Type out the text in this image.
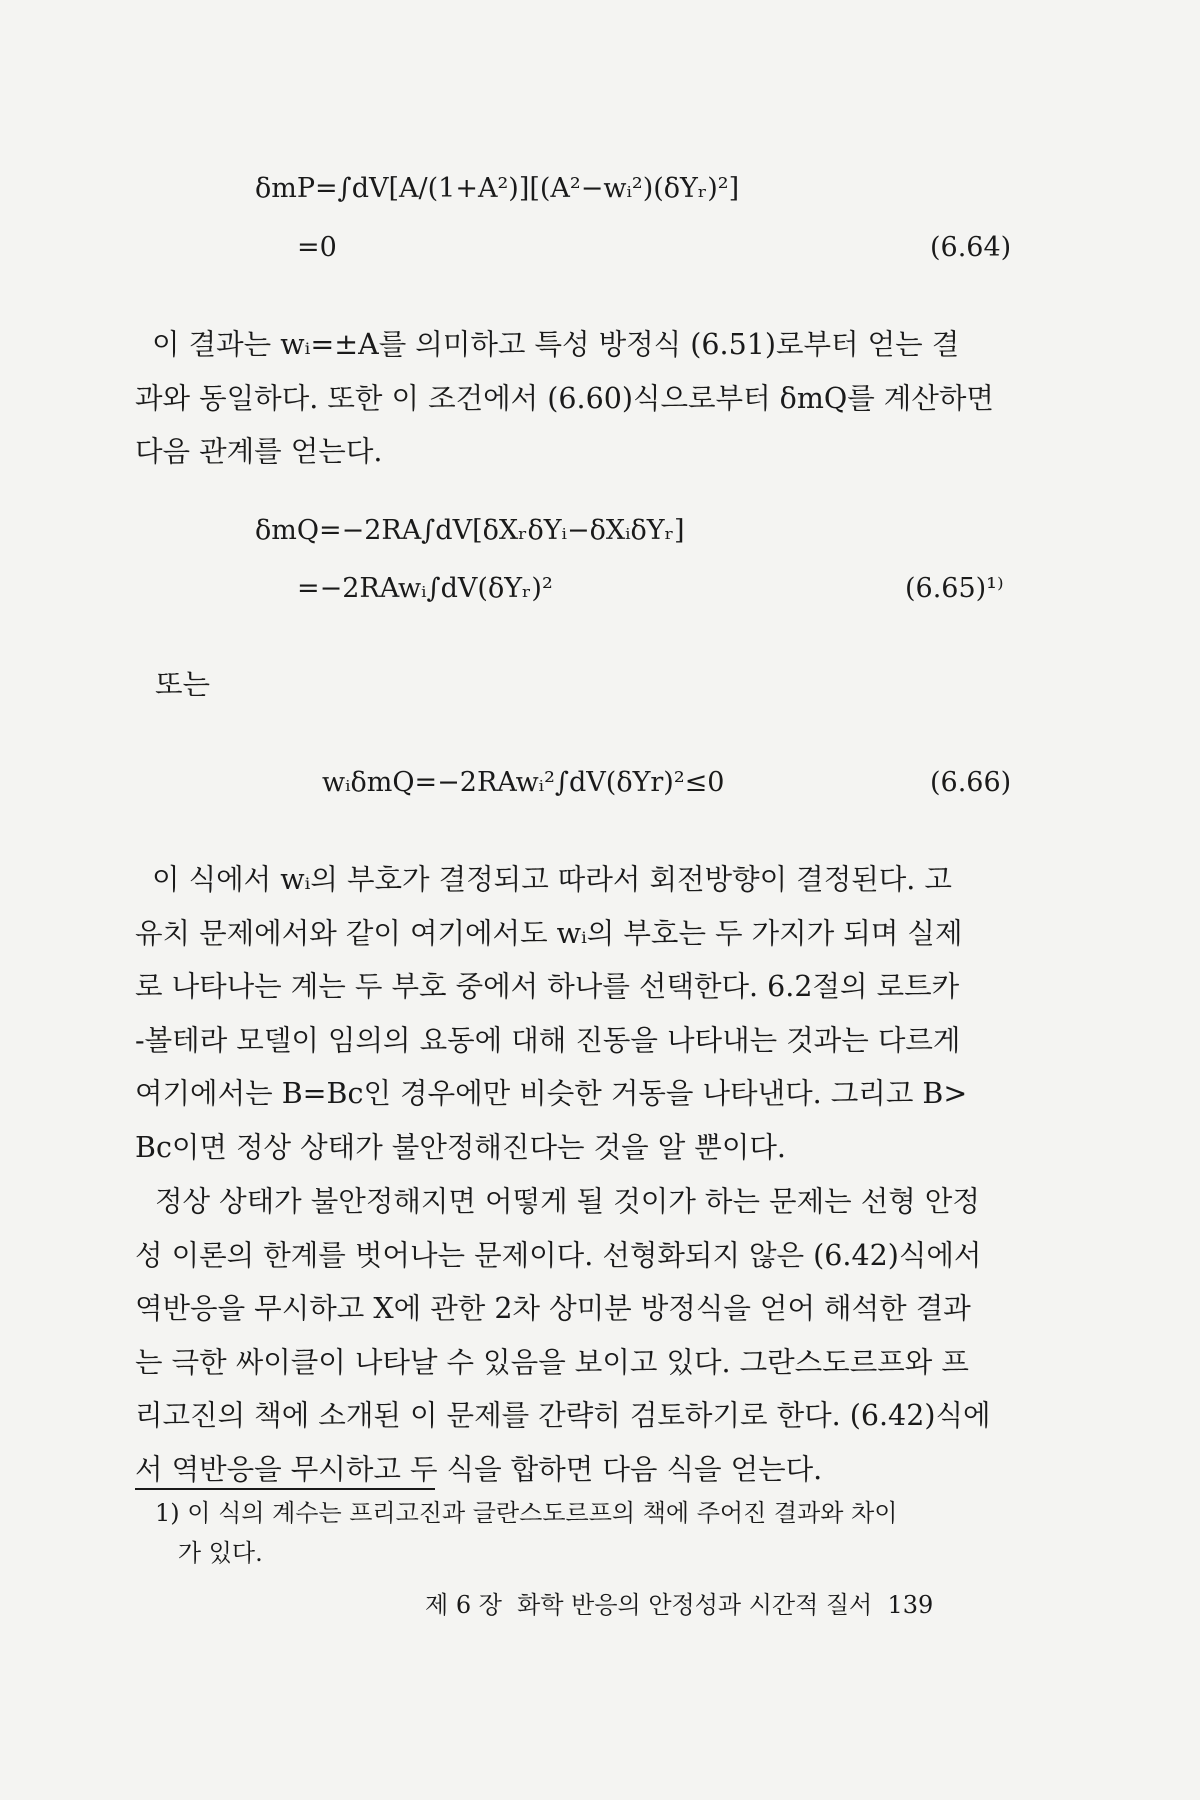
δmP=∫dV[A/(1+A²)][(A²−wᵢ²)(δYᵣ)²]
=0	(6.64)
이 결과는 wᵢ=±A를 의미하고 특성 방정식 (6.51)로부터 얻는 결
과와 동일하다. 또한 이 조건에서 (6.60)식으로부터 δmQ를 계산하면
다음 관계를 얻는다.
δmQ=−2RA∫dV[δXᵣδYᵢ−δXᵢδYᵣ]
=−2RAwᵢ∫dV(δYᵣ)²	(6.65)¹⁾
또는
wᵢδmQ=−2RAwᵢ²∫dV(δYr)²≤0	(6.66)
이 식에서 wᵢ의 부호가 결정되고 따라서 회전방향이 결정된다. 고
유치 문제에서와 같이 여기에서도 wᵢ의 부호는 두 가지가 되며 실제
로 나타나는 계는 두 부호 중에서 하나를 선택한다. 6.2절의 로트카
-볼테라 모델이 임의의 요동에 대해 진동을 나타내는 것과는 다르게
여기에서는 B=Bc인 경우에만 비슷한 거동을 나타낸다. 그리고 B>
Bc이면 정상 상태가 불안정해진다는 것을 알 뿐이다.
정상 상태가 불안정해지면 어떻게 될 것이가 하는 문제는 선형 안정
성 이론의 한계를 벗어나는 문제이다. 선형화되지 않은 (6.42)식에서
역반응을 무시하고 X에 관한 2차 상미분 방정식을 얻어 해석한 결과
는 극한 싸이클이 나타날 수 있음을 보이고 있다. 그란스도르프와 프
리고진의 책에 소개된 이 문제를 간략히 검토하기로 한다. (6.42)식에
서 역반응을 무시하고 두 식을 합하면 다음 식을 얻는다.
1) 이 식의 계수는 프리고진과 글란스도르프의 책에 주어진 결과와 차이
가 있다.
제 6 장  화학 반응의 안정성과 시간적 질서  139
